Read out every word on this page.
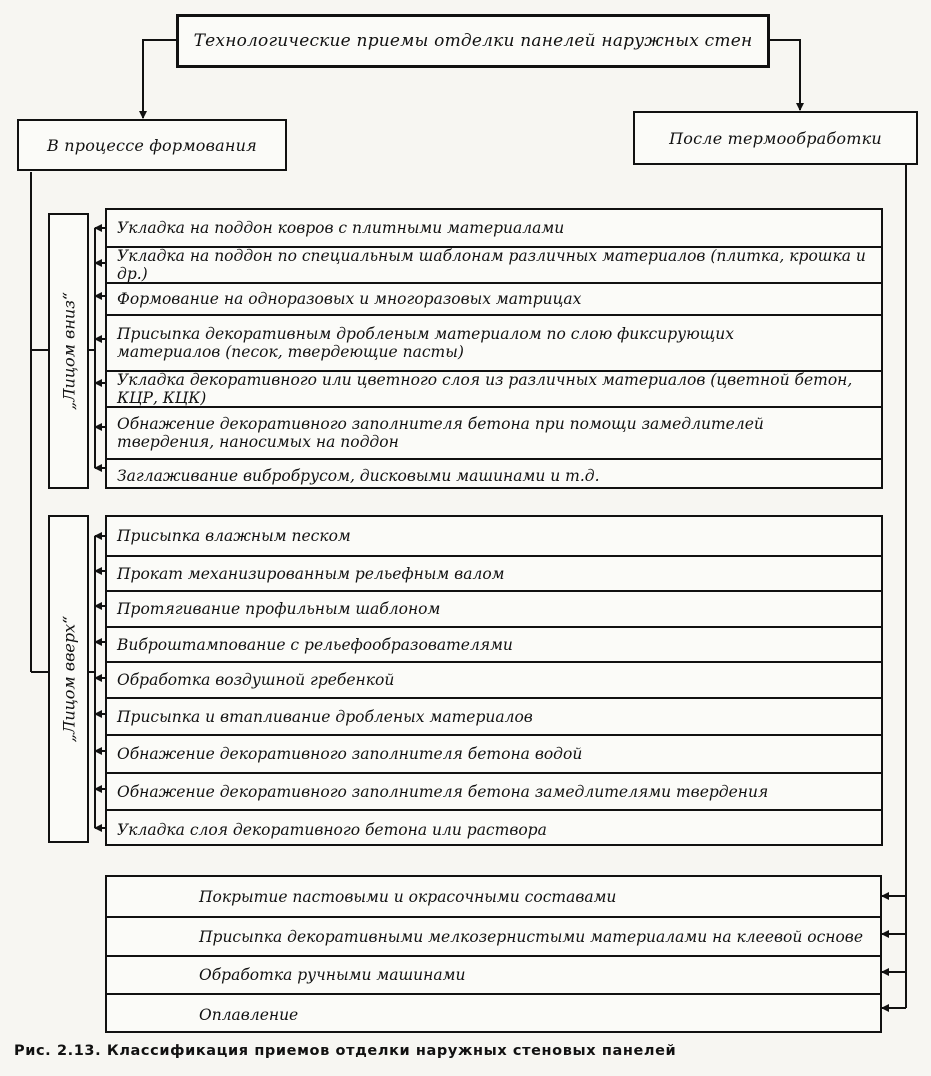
Технологические приемы отделки панелей наружных стен
В процессе формования	После термообработки
„Лицом вниз“
„Лицом вверх“
Укладка на поддон ковров с плитными материалами
Укладка на поддон по специальным шаблонам различных материалов (плитка, крошка и др.)
Формование на одноразовых и многоразовых матрицах
Присыпка декоративным дробленым материалом по слою фиксирующих материалов (песок, твердеющие пасты)
Укладка декоративного или цветного слоя из различных материалов (цветной бетон, КЦР, КЦК)
Обнажение декоративного заполнителя бетона при помощи замедлителей твердения, наносимых на поддон
Заглаживание вибробрусом, дисковыми машинами и т.д.
Присыпка влажным песком
Прокат механизированным рельефным валом
Протягивание профильным шаблоном
Виброштампование с рельефообразователями
Обработка воздушной гребенкой
Присыпка и втапливание дробленых материалов
Обнажение декоративного заполнителя бетона водой
Обнажение декоративного заполнителя бетона замедлителями твердения
Укладка слоя декоративного бетона или раствора
Покрытие пастовыми и окрасочными составами
Присыпка декоративными мелкозернистыми материалами на клеевой основе
Обработка ручными машинами
Оплавление
Рис. 2.13. Классификация приемов отделки наружных стеновых панелей
